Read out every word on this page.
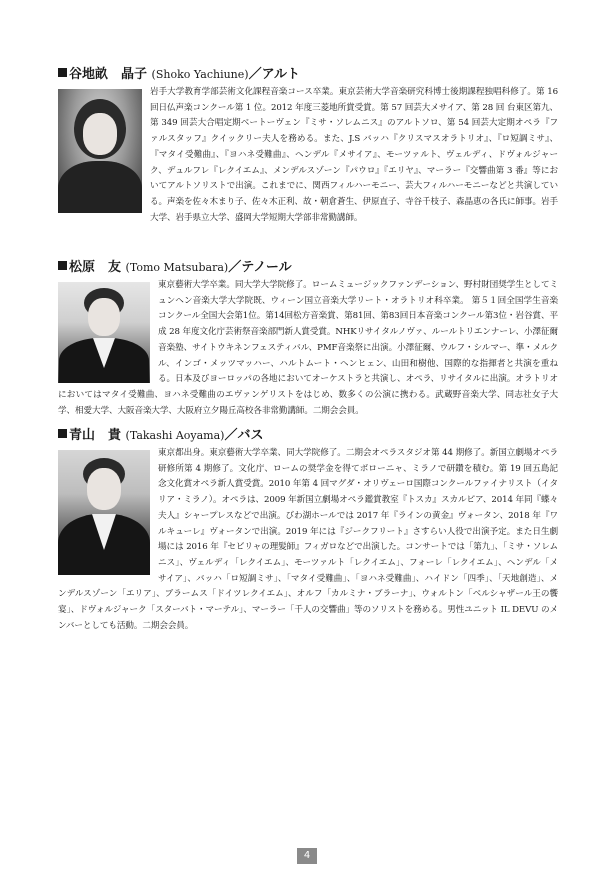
谷地畝　晶子 (Shoko Yachiune)／アルト
岩手大学教育学部芸術文化課程音楽コース卒業。東京芸術大学音楽研究科博士後期課程独唱科修了。第 16 回日仏声楽コンクール第 1 位。2012 年度三菱地所賞受賞。第 57 回芸大メサイア、第 28 回 台東区第九、第 349 回芸大合唱定期ベートーヴェン『ミサ・ソレムニス』のアルトソロ、第 54 回芸大定期オペラ『ファルスタッフ』クイックリー夫人を務める。また、J.S バッハ『クリスマスオラトリオ』、『ロ短調ミサ』、『マタイ受難曲』、『ヨハネ受難曲』、ヘンデル『メサイア』、モーツァルト、ヴェルディ、ドヴォルジャーク、デュルフレ『レクイエム』、メンデルスゾーン『パウロ』『エリヤ』、マーラー『交響曲第 3 番』等においてアルトソリストで出演。これまでに、関西フィルハーモニー、芸大フィルハーモニーなどと共演している。声楽を佐々木まり子、佐々木正利、故・朝倉蒼生、伊原直子、寺谷千枝子、森晶恵の各氏に師事。岩手大学、岩手県立大学、盛岡大学短期大学部非常勤講師。
松原　友 (Tomo Matsubara)／テノール
東京藝術大学卒業。同大学大学院修了。ロームミュージックファンデーション、野村財団奨学生としてミュンヘン音楽大学大学院既、ウィーン国立音楽大学リート・オラトリオ科卒業。 第５１回全国学生音楽コンクール全国大会第1位。第14回松方音楽賞、第81回、第83回日本音楽コンクール第3位・岩谷賞、平成 28 年度文化庁芸術祭音楽部門新人賞受賞。NHKリサイタルノヴァ、ルールトリエンナーレ、小澤征爾音楽塾、サイトウキネンフェスティバル、PMF音楽祭に出演。小澤征爾、ウルフ・シルマー、準・メルクル、インゴ・メッツマッハー、ハルトムート・ヘンヒェン、山田和樹他、国際的な指揮者と共演を重ねる。日本及びヨーロッパの各地においてオーケストラと共演し、オペラ、リサイタルに出演。オラトリオにおいてはマタイ受難曲、ヨハネ受難曲のエヴァンゲリストをはじめ、数多くの公演に携わる。武蔵野音楽大学、同志社女子大学、相愛大学、大阪音楽大学、大阪府立夕陽丘高校各非常勤講師。二期会会員。
青山　貴 (Takashi Aoyama)／バス
東京都出身。東京藝術大学卒業、同大学院修了。二期会オペラスタジオ第 44 期修了。新国立劇場オペラ研修所第 4 期修了。文化庁、ロームの奨学金を得てボローニャ、ミラノで研鑽を積む。第 19 回五島記念文化賞オペラ新人賞受賞。2010 年第 4 回マグダ・オリヴェーロ国際コンクールファイナリスト（イタリア・ミラノ）。オペラは、2009 年新国立劇場オペラ鑑賞教室『トスカ』スカルピア、2014 年同『蝶々夫人』シャープレスなどで出演。びわ湖ホールでは 2017 年『ラインの黄金』ヴォータン、2018 年『ワルキューレ』ヴォータンで出演。2019 年には『ジークフリート』さすらい人役で出演予定。また日生劇場には 2016 年『セビリャの理髪師』フィガロなどで出演した。コンサートでは「第九」、「ミサ・ソレムニス」、ヴェルディ「レクイエム」、モーツァルト「レクイエム」、フォーレ「レクイエム」、ヘンデル「メサイア」、バッハ「ロ短調ミサ」、「マタイ受難曲」、「ヨハネ受難曲」、ハイドン「四季」、「天地創造」、メンデルスゾーン「エリア」、ブラームス「ドイツレクイエム」、オルフ「カルミナ・ブラーナ」、ウォルトン「ベルシャザール王の饗宴」、ドヴォルジャーク「スターバト・マーテル」、マーラー「千人の交響曲」等のソリストを務める。男性ユニット IL DEVU のメンバーとしても活動。二期会会員。
4
